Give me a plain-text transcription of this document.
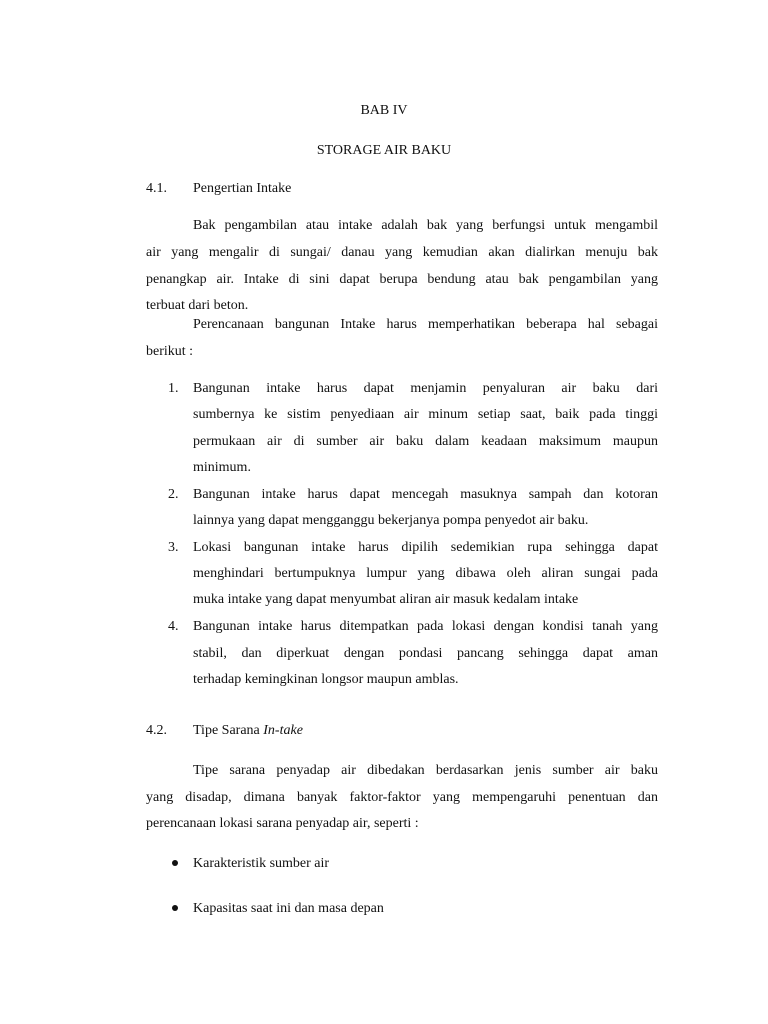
BAB IV
STORAGE AIR BAKU
4.1. Pengertian Intake
Bak pengambilan atau intake adalah bak yang berfungsi untuk mengambil
air yang mengalir di sungai/ danau yang kemudian akan dialirkan menuju bak
penangkap air. Intake di sini dapat berupa bendung atau bak pengambilan yang
terbuat dari beton.
Perencanaan bangunan Intake harus memperhatikan beberapa hal sebagai
berikut :
1. Bangunan intake harus dapat menjamin penyaluran air baku dari
sumbernya ke sistim penyediaan air minum setiap saat, baik pada tinggi
permukaan air di sumber air baku dalam keadaan maksimum maupun
minimum.
2. Bangunan intake harus dapat mencegah masuknya sampah dan kotoran
lainnya yang dapat mengganggu bekerjanya pompa penyedot air baku.
3. Lokasi bangunan intake harus dipilih sedemikian rupa sehingga dapat
menghindari bertumpuknya lumpur yang dibawa oleh aliran sungai pada
muka intake yang dapat menyumbat aliran air masuk kedalam intake
4. Bangunan intake harus ditempatkan pada lokasi dengan kondisi tanah yang
stabil, dan diperkuat dengan pondasi pancang sehingga dapat aman
terhadap kemingkinan longsor maupun amblas.
4.2. Tipe Sarana In-take
Tipe sarana penyadap air dibedakan berdasarkan jenis sumber air baku
yang disadap, dimana banyak faktor-faktor yang mempengaruhi penentuan dan
perencanaan lokasi sarana penyadap air, seperti :
Karakteristik sumber air
Kapasitas saat ini dan masa depan
